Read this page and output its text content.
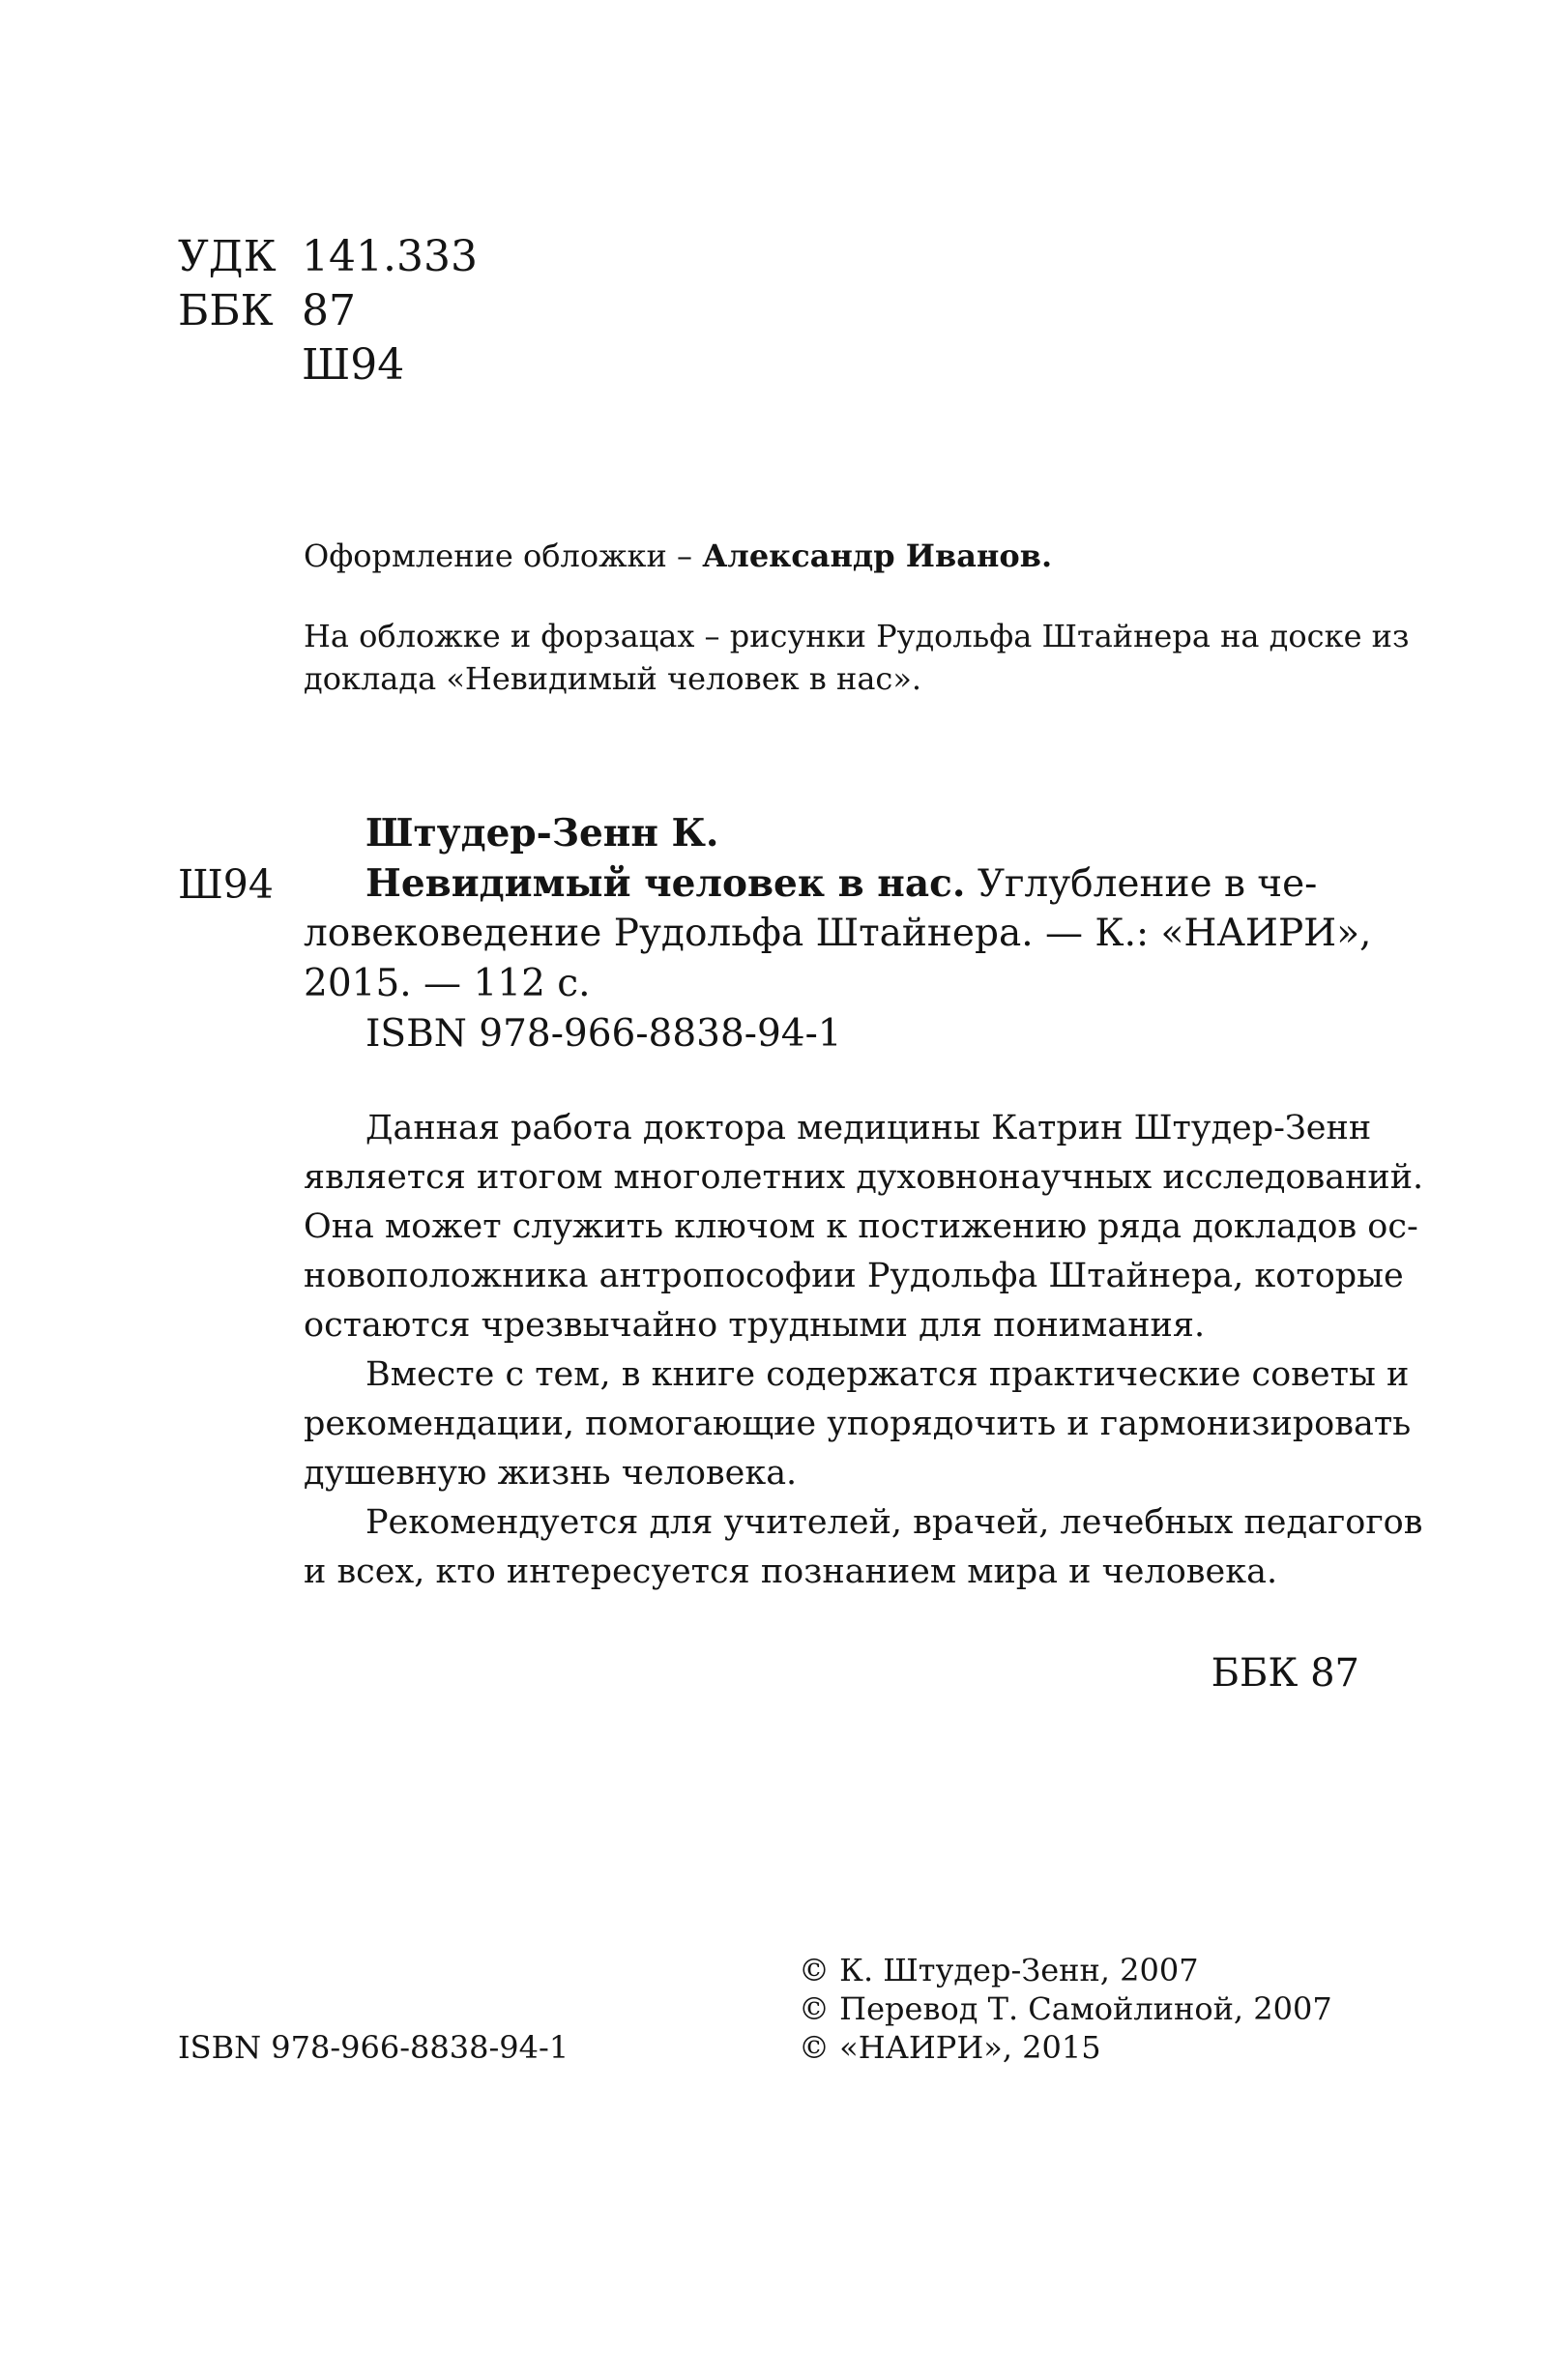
УДК 141.333
ББК 87
Ш94
Оформление обложки – Александр Иванов.
На обложке и форзацах – рисунки Рудольфа Штайнера на доске из
доклада «Невидимый человек в нас».
Штудер-Зенн К.
Ш94 Невидимый человек в нас. Углубление в че-
ловековедение Рудольфа Штайнера. — К.: «НАИРИ»,
2015. — 112 с.
ISBN 978-966-8838-94-1
Данная работа доктора медицины Катрин Штудер-Зенн
является итогом многолетних духовнонаучных исследований.
Она может служить ключом к постижению ряда докладов ос-
новоположника антропософии Рудольфа Штайнера, которые
остаются чрезвычайно трудными для понимания.
Вместе с тем, в книге содержатся практические советы и
рекомендации, помогающие упорядочить и гармонизировать
душевную жизнь человека.
Рекомендуется для учителей, врачей, лечебных педагогов
и всех, кто интересуется познанием мира и человека.
ББК 87
© К. Штудер-Зенн, 2007
© Перевод Т. Самойлиной, 2007
© «НАИРИ», 2015
ISBN 978-966-8838-94-1
